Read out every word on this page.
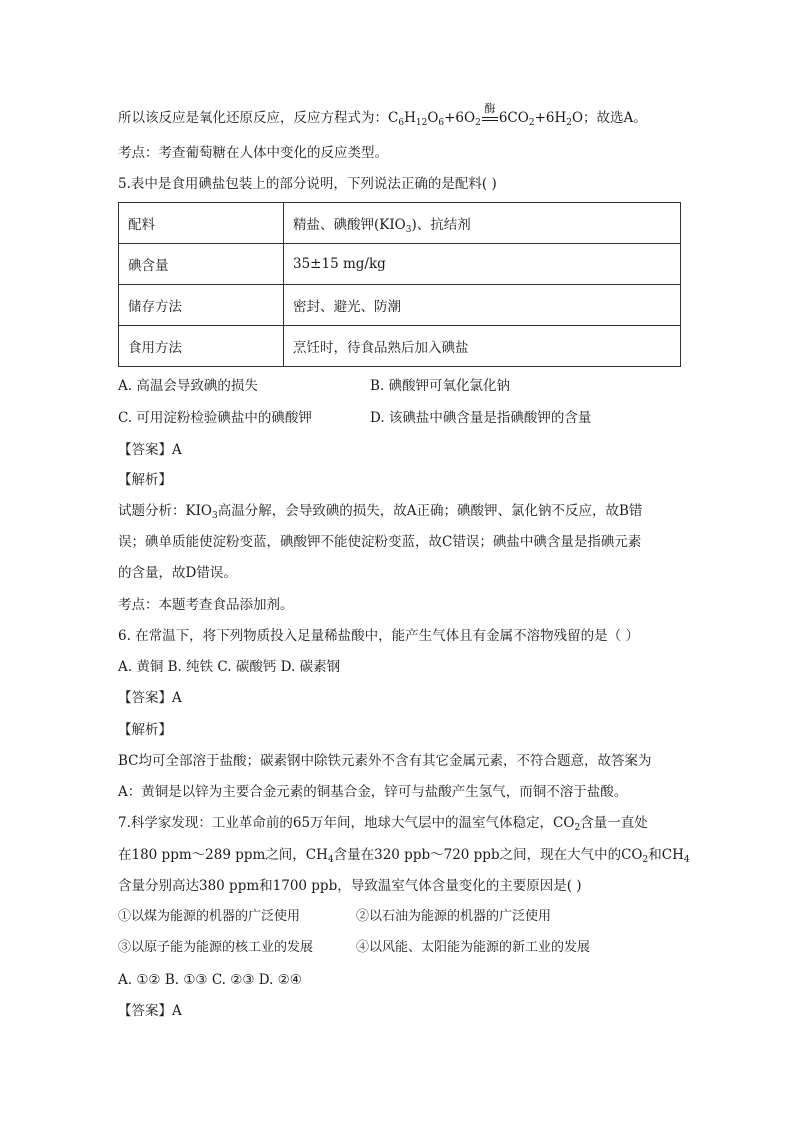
所以该反应是氧化还原反应，反应方程式为：$C_6H_{12}O_6+6O_2$
酶
$6CO_2+6H_2O$；故选A。
考点：考查葡萄糖在人体中变化的反应类型。
5.表中是食用碘盐包装上的部分说明，下列说法正确的是配料( )
配料	精盐、碘酸钾$(KIO_3)$、抗结剂
碘含量	35±15 mg/kg
储存方法	密封、避光、防潮
食用方法	烹饪时，待食品熟后加入碘盐
A. 高温会导致碘的损失	B. 碘酸钾可氧化氯化钠
C. 可用淀粉检验碘盐中的碘酸钾	D. 该碘盐中碘含量是指碘酸钾的含量
【答案】A
【解析】
试题分析：$KIO_3$高温分解，会导致碘的损失，故A正确；碘酸钾、氯化钠不反应，故B错
误；碘单质能使淀粉变蓝，碘酸钾不能使淀粉变蓝，故C错误；碘盐中碘含量是指碘元素
的含量，故D错误。
考点：本题考查食品添加剂。
6. 在常温下，将下列物质投入足量稀盐酸中，能产生气体且有金属不溶物残留的是（ ）
A. 黄铜 B. 纯铁 C. 碳酸钙 D. 碳素钢
【答案】A
【解析】
BC均可全部溶于盐酸；碳素钢中除铁元素外不含有其它金属元素，不符合题意，故答案为
A：黄铜是以锌为主要合金元素的铜基合金，锌可与盐酸产生氢气，而铜不溶于盐酸。
7.科学家发现：工业革命前的65万年间，地球大气层中的温室气体稳定，$CO_2$含量一直处
在180 ppm～289 ppm之间，$CH_4$含量在320 ppb～720 ppb之间，现在大气中的$CO_2$和$CH_4$
含量分别高达380 ppm和1700 ppb，导致温室气体含量变化的主要原因是( )
①以煤为能源的机器的广泛使用	②以石油为能源的机器的广泛使用
③以原子能为能源的核工业的发展	④以风能、太阳能为能源的新工业的发展
A. ①② B. ①③ C. ②③ D. ②④
【答案】A
